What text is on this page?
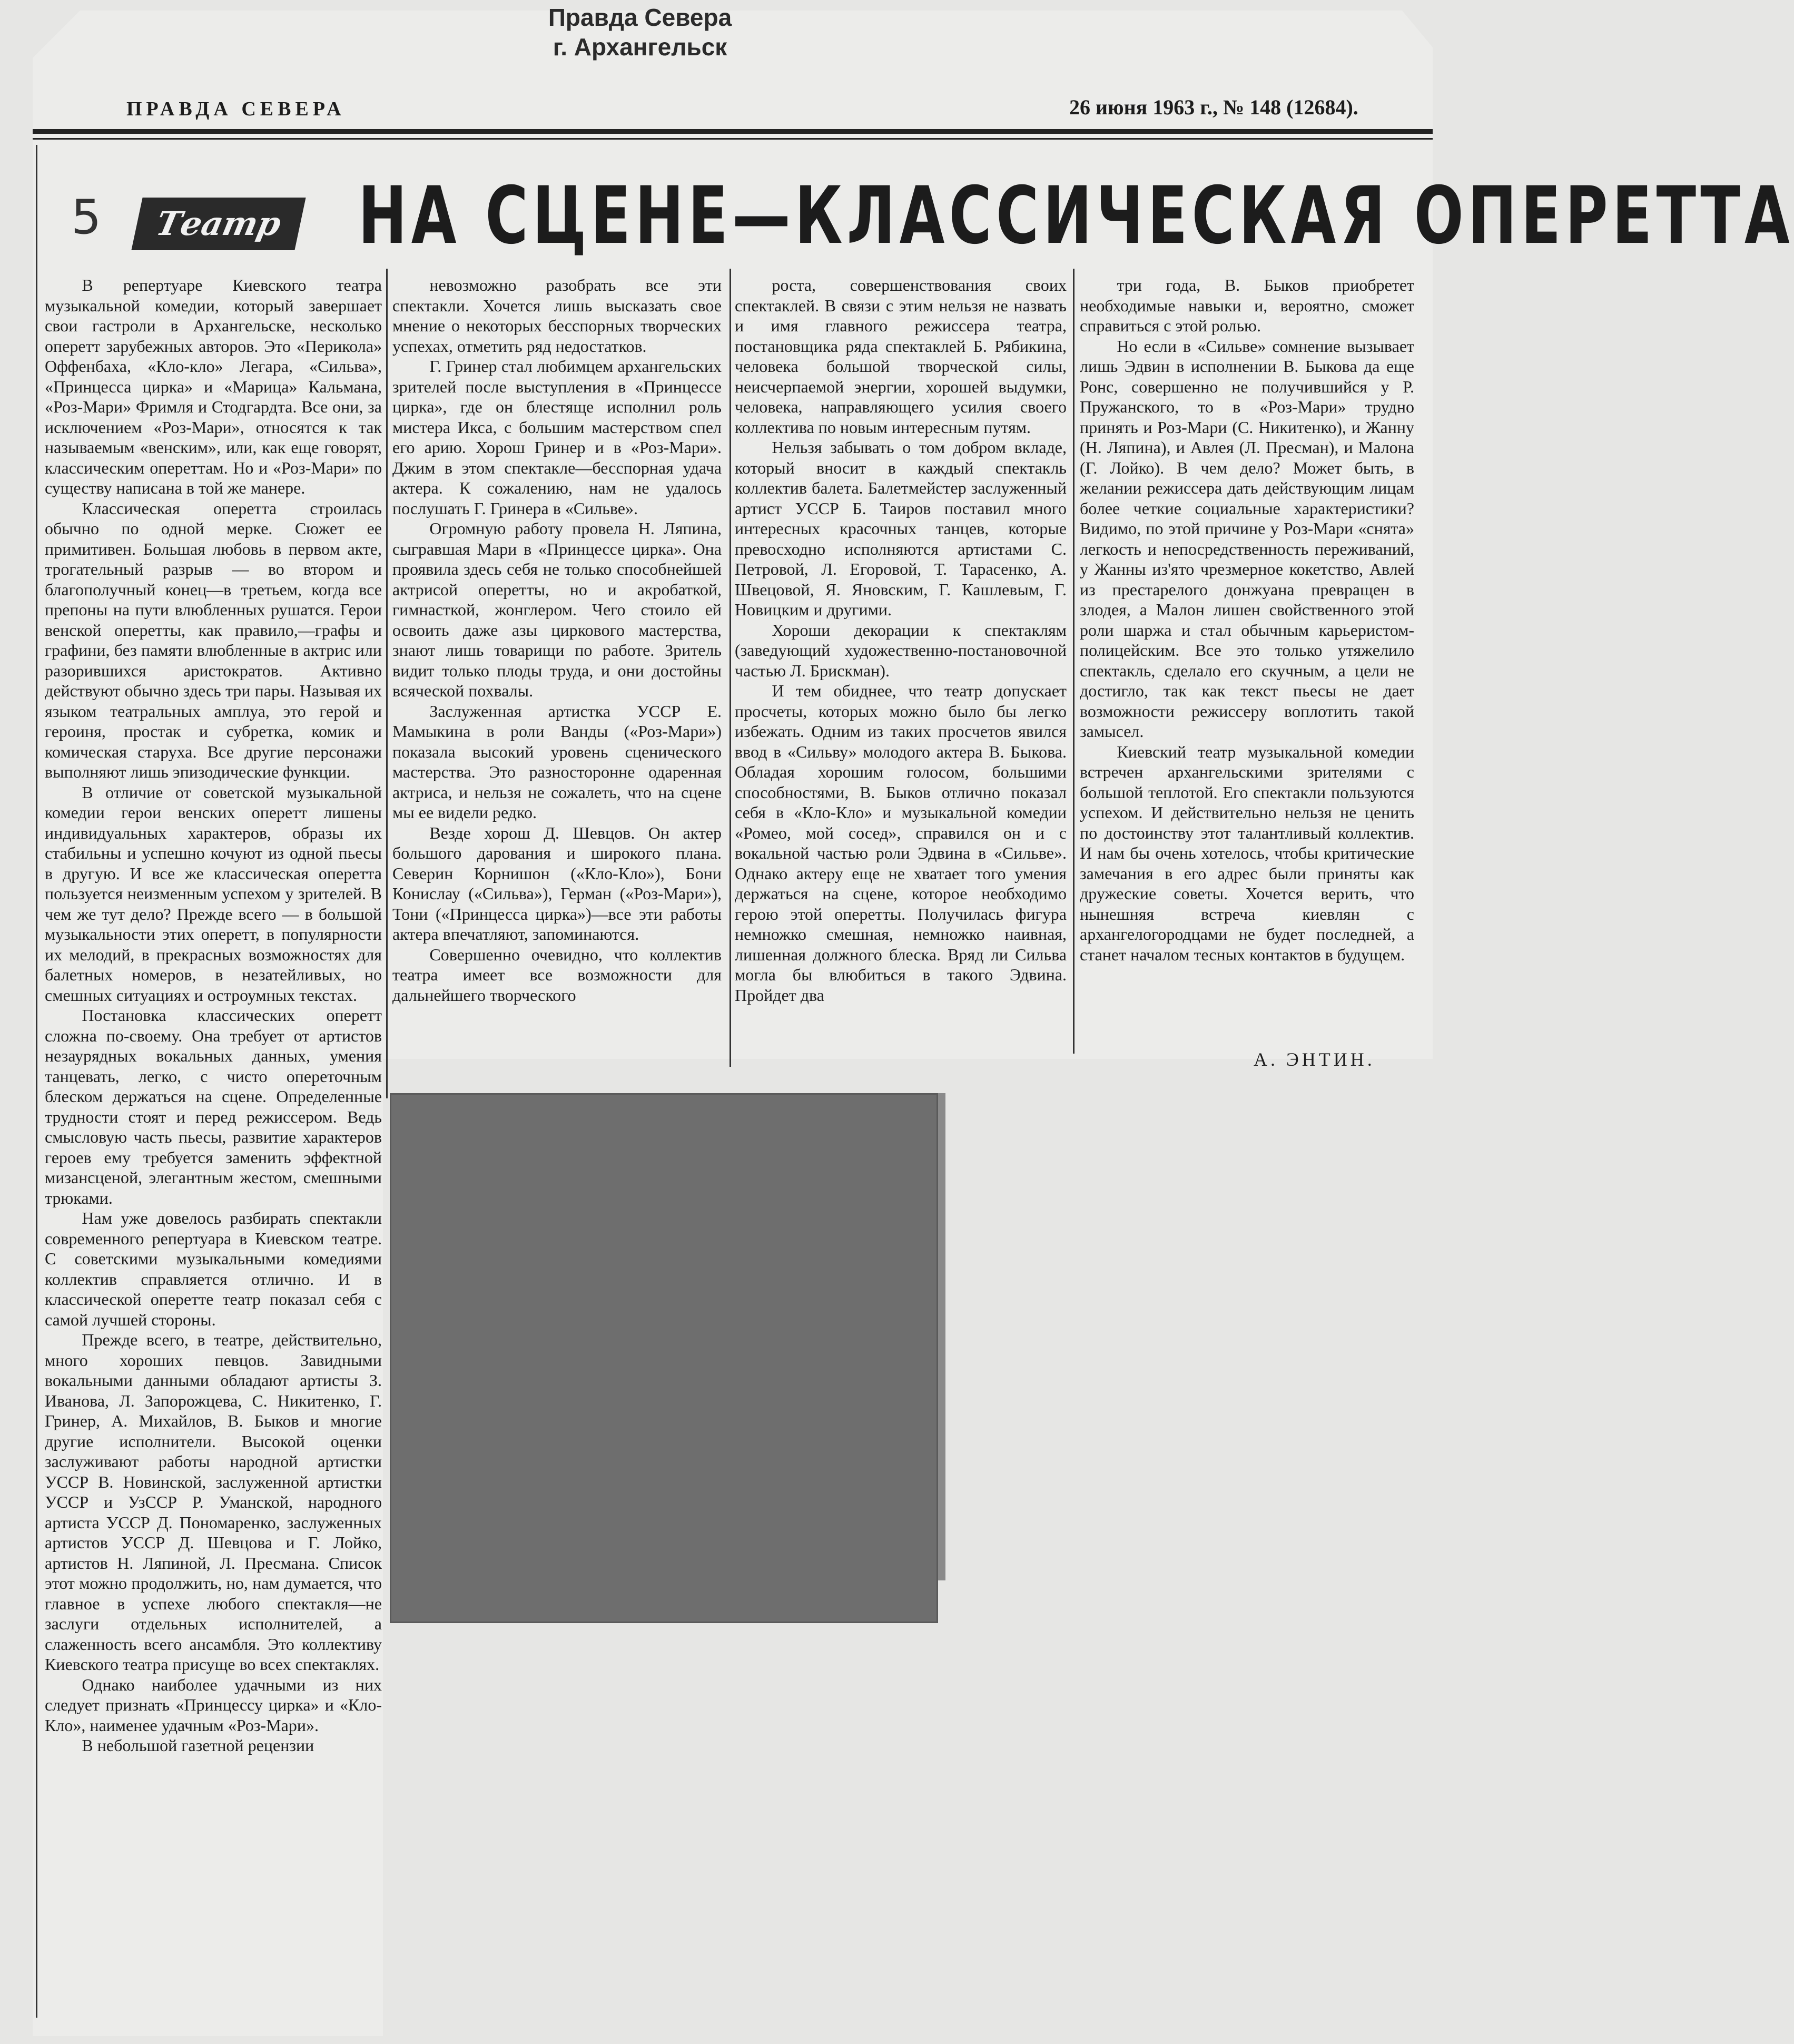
Правда Севера
г. Архангельск
ПРАВДА СЕВЕРА	26 июня 1963 г., № 148 (12684).
5	Театр НА СЦЕНЕ—КЛАССИЧЕСКАЯ ОПЕРЕТТА

В репертуаре Киевского театра музыкальной комедии, который завершает свои гастроли в Архангельске, несколько оперетт зарубежных авторов. Это «Перикола» Оффенбаха, «Кло-кло» Легара, «Сильва», «Принцесса цирка» и «Марица» Кальмана, «Роз-Мари» Фримля и Стодгардта. Все они, за исключением «Роз-Мари», относятся к так называемым «венским», или, как еще говорят, классическим опереттам. Но и «Роз-Мари» по существу написана в той же манере.

Классическая оперетта строилась обычно по одной мерке. Сюжет ее примитивен. Большая любовь в первом акте, трогательный разрыв — во втором и благополучный конец—в третьем, когда все препоны на пути влюбленных рушатся. Герои венской оперетты, как правило,—графы и графини, без памяти влюбленные в актрис или разорившихся аристократов. Активно действуют обычно здесь три пары. Называя их языком театральных амплуа, это герой и героиня, простак и субретка, комик и комическая старуха. Все другие персонажи выполняют лишь эпизодические функции.

В отличие от советской музыкальной комедии герои венских оперетт лишены индивидуальных характеров, образы их стабильны и успешно кочуют из одной пьесы в другую. И все же классическая оперетта пользуется неизменным успехом у зрителей. В чем же тут дело? Прежде всего — в большой музыкальности этих оперетт, в популярности их мелодий, в прекрасных возможностях для балетных номеров, в незатейливых, но смешных ситуациях и остроумных текстах.

Постановка классических оперетт сложна по-своему. Она требует от артистов незаурядных вокальных данных, умения танцевать, легко, с чисто опереточным блеском держаться на сцене. Определенные трудности стоят и перед режиссером. Ведь смысловую часть пьесы, развитие характеров героев ему требуется заменить эффектной мизансценой, элегантным жестом, смешными трюками.

Нам уже довелось разбирать спектакли современного репертуара в Киевском театре. С советскими музыкальными комедиями коллектив справляется отлично. И в классической оперетте театр показал себя с самой лучшей стороны.

Прежде всего, в театре, действительно, много хороших певцов. Завидными вокальными данными обладают артисты З. Иванова, Л. Запорожцева, С. Никитенко, Г. Гринер, А. Михайлов, В. Быков и многие другие исполнители. Высокой оценки заслуживают работы народной артистки УССР В. Новинской, заслуженной артистки УССР и УзССР Р. Уманской, народного артиста УССР Д. Пономаренко, заслуженных артистов УССР Д. Шевцова и Г. Лойко, артистов Н. Ляпиной, Л. Пресмана. Список этот можно продолжить, но, нам думается, что главное в успехе любого спектакля—не заслуги отдельных исполнителей, а слаженность всего ансамбля. Это коллективу Киевского театра присуще во всех спектаклях.

Однако наиболее удачными из них следует признать «Принцессу цирка» и «Кло-Кло», наименее удачным «Роз-Мари».

В небольшой газетной рецензии

невозможно разобрать все эти спектакли. Хочется лишь высказать свое мнение о некоторых бесспорных творческих успехах, отметить ряд недостатков.

Г. Гринер стал любимцем архангельских зрителей после выступления в «Принцессе цирка», где он блестяще исполнил роль мистера Икса, с большим мастерством спел его арию. Хорош Гринер и в «Роз-Мари». Джим в этом спектакле—бесспорная удача актера. К сожалению, нам не удалось послушать Г. Гринера в «Сильве».

Огромную работу провела Н. Ляпина, сыгравшая Мари в «Принцессе цирка». Она проявила здесь себя не только способнейшей актрисой оперетты, но и акробаткой, гимнасткой, жонглером. Чего стоило ей освоить даже азы циркового мастерства, знают лишь товарищи по работе. Зритель видит только плоды труда, и они достойны всяческой похвалы.

Заслуженная артистка УССР Е. Мамыкина в роли Ванды («Роз-Мари») показала высокий уровень сценического мастерства. Это разносторонне одаренная актриса, и нельзя не сожалеть, что на сцене мы ее видели редко.

Везде хорош Д. Шевцов. Он актер большого дарования и широкого плана. Северин Корнишон («Кло-Кло»), Бони Конислау («Сильва»), Герман («Роз-Мари»), Тони («Принцесса цирка»)—все эти работы актера впечатляют, запоминаются.

Совершенно очевидно, что коллектив театра имеет все возможности для дальнейшего творческого

роста, совершенствования своих спектаклей. В связи с этим нельзя не назвать и имя главного режиссера театра, постановщика ряда спектаклей Б. Рябикина, человека большой творческой силы, неисчерпаемой энергии, хорошей выдумки, человека, направляющего усилия своего коллектива по новым интересным путям.

Нельзя забывать о том добром вкладе, который вносит в каждый спектакль коллектив балета. Балетмейстер заслуженный артист УССР Б. Таиров поставил много интересных красочных танцев, которые превосходно исполняются артистами С. Петровой, Л. Егоровой, Т. Тарасенко, А. Швецовой, Я. Яновским, Г. Кашлевым, Г. Новицким и другими.

Хороши декорации к спектаклям (заведующий художественно-постановочной частью Л. Брискман).

И тем обиднее, что театр допускает просчеты, которых можно было бы легко избежать. Одним из таких просчетов явился ввод в «Сильву» молодого актера В. Быкова. Обладая хорошим голосом, большими способностями, В. Быков отлично показал себя в «Кло-Кло» и музыкальной комедии «Ромео, мой сосед», справился он и с вокальной частью роли Эдвина в «Сильве». Однако актеру еще не хватает того умения держаться на сцене, которое необходимо герою этой оперетты. Получилась фигура немножко смешная, немножко наивная, лишенная должного блеска. Вряд ли Сильва могла бы влюбиться в такого Эдвина. Пройдет два

три года, В. Быков приобретет необходимые навыки и, вероятно, сможет справиться с этой ролью.

Но если в «Сильве» сомнение вызывает лишь Эдвин в исполнении В. Быкова да еще Ронс, совершенно не получившийся у Р. Пружанского, то в «Роз-Мари» трудно принять и Роз-Мари (С. Никитенко), и Жанну (Н. Ляпина), и Авлея (Л. Пресман), и Малона (Г. Лойко). В чем дело? Может быть, в желании режиссера дать действующим лицам более четкие социальные характеристики? Видимо, по этой причине у Роз-Мари «снята» легкость и непосредственность переживаний, у Жанны из'ято чрезмерное кокетство, Авлей из престарелого донжуана превращен в злодея, а Малон лишен свойственного этой роли шаржа и стал обычным карьеристом-полицейским. Все это только утяжелило спектакль, сделало его скучным, а цели не достигло, так как текст пьесы не дает возможности режиссеру воплотить такой замысел.

Киевский театр музыкальной комедии встречен архангельскими зрителями с большой теплотой. Его спектакли пользуются успехом. И действительно нельзя не ценить по достоинству этот талантливый коллектив. И нам бы очень хотелось, чтобы критические замечания в его адрес были приняты как дружеские советы. Хочется верить, что нынешняя встреча киевлян с архангелогородцами не будет последней, а станет началом тесных контактов в будущем.

А. ЭНТИН.
